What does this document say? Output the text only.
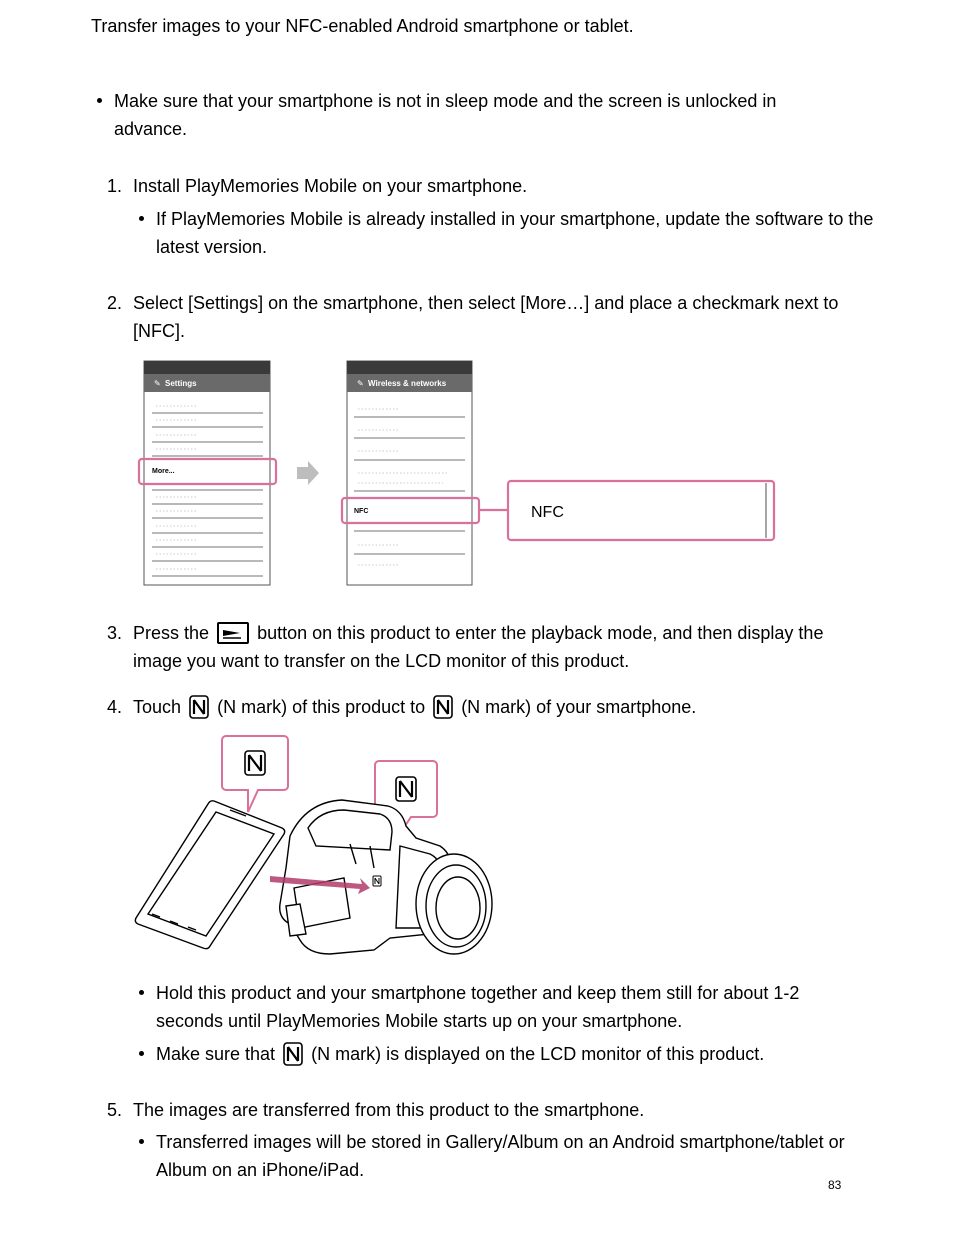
Transfer images to your NFC-enabled Android smartphone or tablet.
Make sure that your smartphone is not in sleep mode and the screen is unlocked in advance.
1. Install PlayMemories Mobile on your smartphone.
If PlayMemories Mobile is already installed in your smartphone, update the software to the latest version.
2. Select [Settings] on the smartphone, then select [More…] and place a checkmark next to [NFC].
✎ Settings
More...
✎ Wireless & networks
NFC	NFC
3. Press the	button on this product to enter the playback mode, and then display the image you want to transfer on the LCD monitor of this product.
4. Touch (N mark) of this product to (N mark) of your smartphone.
Hold this product and your smartphone together and keep them still for about 1-2 seconds until PlayMemories Mobile starts up on your smartphone.
Make sure that (N mark) is displayed on the LCD monitor of this product.
5. The images are transferred from this product to the smartphone.
Transferred images will be stored in Gallery/Album on an Android smartphone/tablet or Album on an iPhone/iPad.
83
